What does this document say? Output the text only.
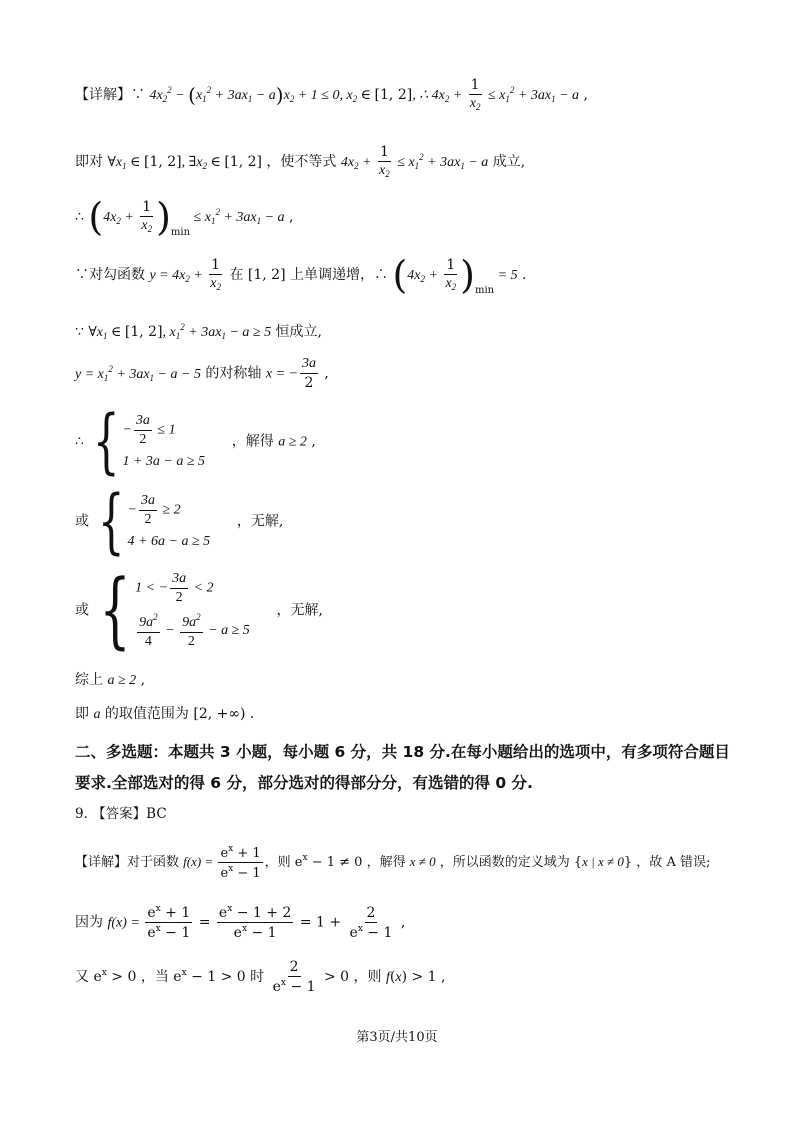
【详解】∵ $4x_2^2 - (x_1^2 + 3ax_1 - a)x_2 + 1 \le 0$, $x_2$ ∈ [1, 2], ∴ $4x_2 + \frac{1}{x_2} \le x_1^2 + 3ax_1 - a$ ,
即对 $\forall x_1$ ∈ [1, 2], $\exists x_2$ ∈ [1, 2] ，使不等式 $4x_2 + \frac{1}{x_2} \le x_1^2 + 3ax_1 - a$ 成立,
∴ $(4x_2 + \frac{1}{x_2} )_{min} \le x_1^2 + 3ax_1 - a$ ,
∵对勾函数 $y = 4x_2 + \frac{1}{x_2}$ 在 [1, 2] 上单调递增，∴ $(4x_2 + \frac{1}{x_2} )_{min} = 5$ .
∵ $\forall x_1$ ∈ [1, 2], $x_1^2 + 3ax_1 - a \ge 5$ 恒成立,
$y = x_1^2 + 3ax_1 - a - 5$ 的对称轴 x = − $\frac{3a}{2}$ ,
∴ { − $\frac{3a}{2} \le 1$
1 + 3a − a ≥ 5
，解得 a ≥ 2 ,
或 { − $\frac{3a}{2} \ge 2$
4 + 6a − a ≥ 5
，无解,
或 { 1 < − $\frac{3a}{2} < 2$
$\frac{9a^2}{4} - \frac{9a^2}{2} - a \ge 5$
，无解,
综上 a ≥ 2 ,
即 a 的取值范围为 [2, +∞) .
二、多选题：本题共 3 小题，每小题 6 分，共 18 分.在每小题给出的选项中，有多项符合题目
要求.全部选对的得 6 分，部分选对的得部分分，有选错的得 0 分.
9. 【答案】BC
【详解】对于函数 $f(x) = \frac{e^x + 1}{e^x - 1}$ ，则 $e^x - 1 \ne 0$ ，解得 x ≠ 0 ，所以函数的定义域为 {x | x ≠ 0} ，故 A 错误;
因为 $f(x) = \frac{e^x + 1}{e^x - 1} = \frac{e^x - 1 + 2}{e^x - 1} = 1 + \frac{2}{e^x - 1}$ ,
又 $e^x > 0$ ，当 $e^x - 1 > 0$ 时 $\frac{2}{e^x - 1} > 0$ ，则 f(x) > 1 ,
第3页/共10页
